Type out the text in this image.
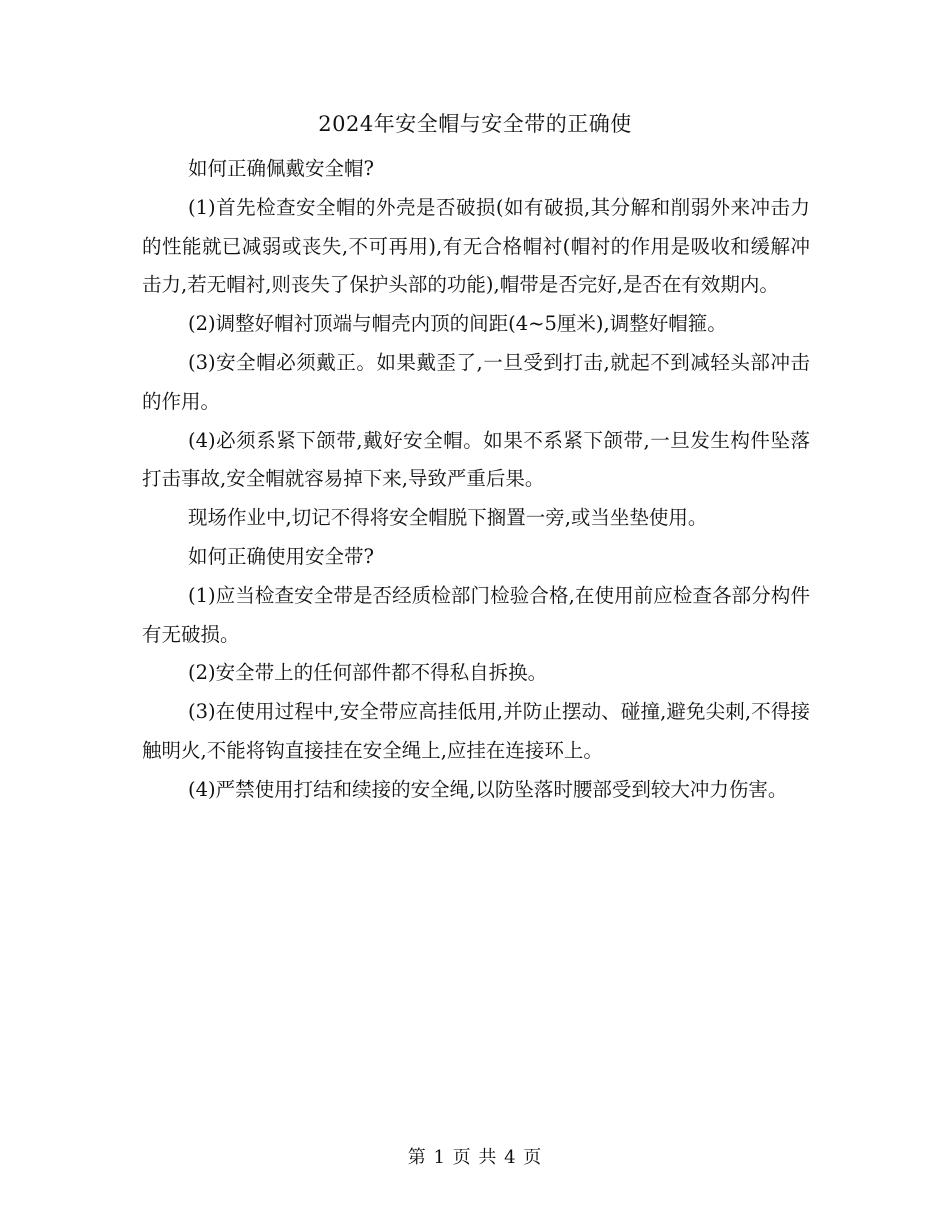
2024年安全帽与安全带的正确使

如何正确佩戴安全帽?

(1)首先检查安全帽的外壳是否破损(如有破损,其分解和削弱外来冲击力的性能就已减弱或丧失,不可再用),有无合格帽衬(帽衬的作用是吸收和缓解冲击力,若无帽衬,则丧失了保护头部的功能),帽带是否完好,是否在有效期内。

(2)调整好帽衬顶端与帽壳内顶的间距(4~5厘米),调整好帽箍。

(3)安全帽必须戴正。如果戴歪了,一旦受到打击,就起不到减轻头部冲击的作用。

(4)必须系紧下颌带,戴好安全帽。如果不系紧下颌带,一旦发生构件坠落打击事故,安全帽就容易掉下来,导致严重后果。

现场作业中,切记不得将安全帽脱下搁置一旁,或当坐垫使用。

如何正确使用安全带?

(1)应当检查安全带是否经质检部门检验合格,在使用前应检查各部分构件有无破损。

(2)安全带上的任何部件都不得私自拆换。

(3)在使用过程中,安全带应高挂低用,并防止摆动、碰撞,避免尖刺,不得接触明火,不能将钩直接挂在安全绳上,应挂在连接环上。

(4)严禁使用打结和续接的安全绳,以防坠落时腰部受到较大冲力伤害。

第 1 页 共 4 页
